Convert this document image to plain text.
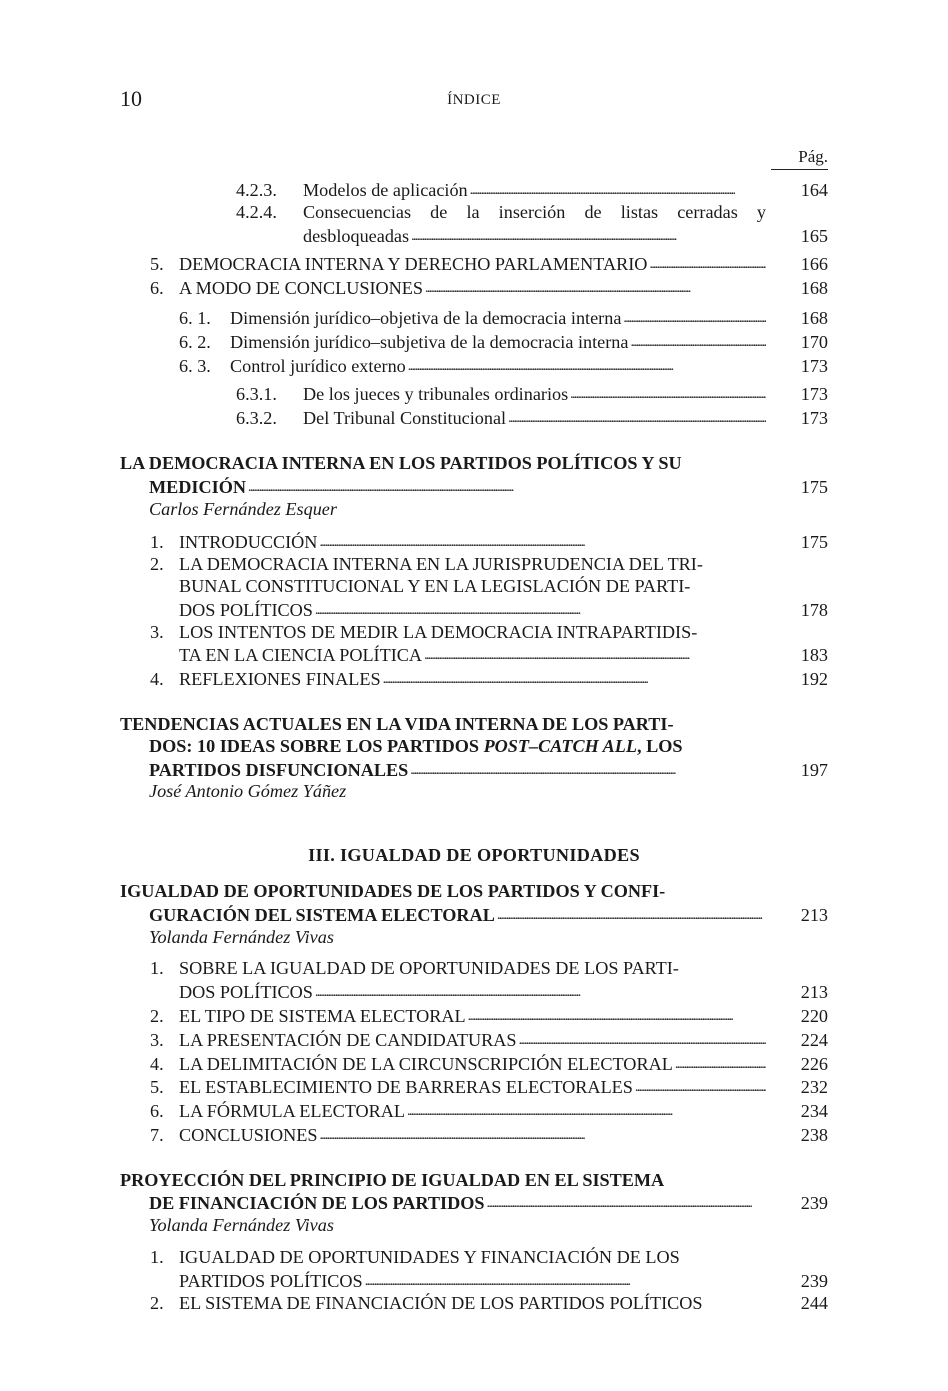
10	ÍNDICE
Pág.
4.2.3.	Modelos de aplicación . . .	164
4.2.4.	Consecuencias de la inserción de listas cerradas y
desbloqueadas . . .	165
5. DEMOCRACIA INTERNA Y DERECHO PARLAMENTARIO . . .	166
6. A MODO DE CONCLUSIONES . . .	168
6. 1.	Dimensión jurídico–objetiva de la democracia interna . . .	168
6. 2.	Dimensión jurídico–subjetiva de la democracia interna . . .	170
6. 3.	Control jurídico externo . . .	173
6.3.1.	De los jueces y tribunales ordinarios . . .	173
6.3.2.	Del Tribunal Constitucional . . .	173
LA DEMOCRACIA INTERNA EN LOS PARTIDOS POLÍTICOS Y SU
MEDICIÓN . . .	175
Carlos Fernández Esquer
1. INTRODUCCIÓN . . .	175
2. LA DEMOCRACIA INTERNA EN LA JURISPRUDENCIA DEL TRI-
BUNAL CONSTITUCIONAL Y EN LA LEGISLACIÓN DE PARTI-
DOS POLÍTICOS . . .	178
3. LOS INTENTOS DE MEDIR LA DEMOCRACIA INTRAPARTIDIS-
TA EN LA CIENCIA POLÍTICA . . .	183
4. REFLEXIONES FINALES . . .	192
TENDENCIAS ACTUALES EN LA VIDA INTERNA DE LOS PARTI-
DOS: 10 IDEAS SOBRE LOS PARTIDOS POST–CATCH ALL, LOS
PARTIDOS DISFUNCIONALES . . .	197
José Antonio Gómez Yáñez
III. IGUALDAD DE OPORTUNIDADES
IGUALDAD DE OPORTUNIDADES DE LOS PARTIDOS Y CONFI-
GURACIÓN DEL SISTEMA ELECTORAL . . .	213
Yolanda Fernández Vivas
1. SOBRE LA IGUALDAD DE OPORTUNIDADES DE LOS PARTI-
DOS POLÍTICOS . . .	213
2. EL TIPO DE SISTEMA ELECTORAL . . .	220
3. LA PRESENTACIÓN DE CANDIDATURAS . . .	224
4. LA DELIMITACIÓN DE LA CIRCUNSCRIPCIÓN ELECTORAL . . .	226
5. EL ESTABLECIMIENTO DE BARRERAS ELECTORALES . . .	232
6. LA FÓRMULA ELECTORAL . . .	234
7. CONCLUSIONES . . .	238
PROYECCIÓN DEL PRINCIPIO DE IGUALDAD EN EL SISTEMA
DE FINANCIACIÓN DE LOS PARTIDOS . . .	239
Yolanda Fernández Vivas
1. IGUALDAD DE OPORTUNIDADES Y FINANCIACIÓN DE LOS
PARTIDOS POLÍTICOS . . .	239
2. EL SISTEMA DE FINANCIACIÓN DE LOS PARTIDOS POLÍTICOS	244
